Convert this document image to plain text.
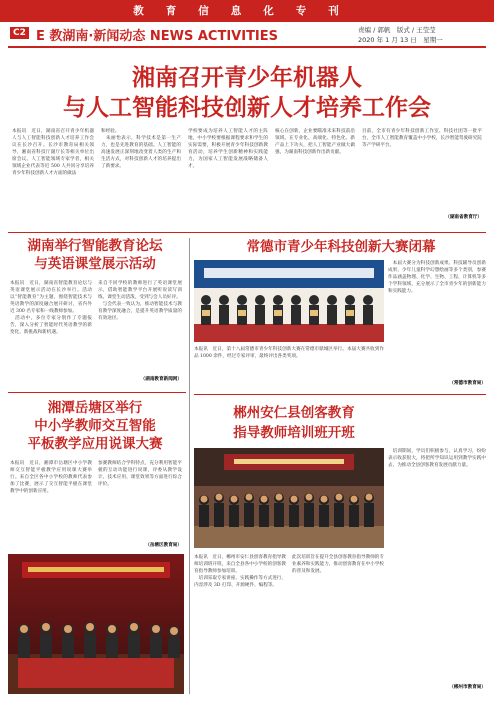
教育信息化专刊
C2 E 教湖南·新闻动态 NEWS ACTIVITIES	责编 / 郭帆　版式 / 王莹莹
2020 年 1 月 13 日　星期一
湘南召开青少年机器人
与人工智能科技创新人才培养工作会
本报讯　近日，湖南省召开青少年机器人与人工智能科技创新人才培养工作会议在长沙召开。长沙市教育局相关领导，湘南省科技厅副厅长等相关单位出席会议。人工智能领域专家学者，相关领域企业代表等近 500 人共同分享培养青少年科技创新人才方面的做法
和经验。
　朱丽怡表示，科学技术是第一生产力，也是先进教育的基础。人工智能的高速发展正深刻地改变着人类的生产和生活方式，对科技创新人才的培养提出了新要求。
学校要成为培养人工智能人才的主阵地，中小学校要根据课程要求和学生的实际需要，积极开展青少年科技创新教育活动，培养学生创新精神和实践能力，为国家人工智能发展战略储备人才。
核心在创新，企业要瞄准未来科技前沿领域，在专业化、高端化、特色化、新产品上下功夫，把人工智能产业做大做强，为湖南科技创新作出新贡献。
目前，全市有青少年科技创新工作室、科技社团等一批平台，全市人工智能教育覆盖中小学校，长沙智能驾驶研究院等产学研平台。
（湖南省教育厅）
湖南举行智能教育论坛
与英语课堂展示活动
本报讯　近日，湖南省智能教育论坛与英语课堂展示活动在长沙举行。活动以“智能教育”为主题，围绕智能技术与英语教学的深度融合展开研讨，省内外近 300 名专家和一线教师参加。
　活动中，多位专家分别作了专题报告，深入分析了智能时代英语教学的新变化、新挑战和新机遇。
来自不同学校的教师进行了英语课堂展示，借助智能教学平台开展听说读写训练，课堂生动活泼，受到与会人员好评。
　与会代表一致认为，推动智能技术与教育教学深度融合，是提升英语教学质量的有效途径。
（湖南教育新闻网）
湘潭岳塘区举行
中小学教师交互智能
平板教学应用说课大赛
本报讯　近日，湘潭市岳塘区中小学教师交互智能平板教学应用说课大赛举行。来自全区各中小学校的教师代表参加了比赛，展示了交互智能平板在课堂教学中的创新应用。
参赛教师结合学科特点，充分利用智能平板的互动功能进行说课，评委从教学设计、技术应用、课堂效果等方面进行综合评价。
（岳塘区教育局）
常德市青少年科技创新大赛闭幕
本报讯　近日，第十八届常德市青少年科技创新大赛在常德市鼎城区举行。本届大赛共收到作品 1000 余件，经过专家评审，最终评出各类奖项。
　本届大赛分为科技创新成果、科技辅导员创新成果、少年儿童科学幻想绘画等多个类别，参赛作品涵盖物理、化学、生物、工程、计算机等多个学科领域，充分展示了全市青少年的创新能力和实践能力。
（常德市教育局）
郴州安仁县创客教育
指导教师培训班开班
　培训期间，学员们积极参与，认真学习，纷纷表示收获很大，将把所学知识运用到教学实践中去，为推动全县创客教育发展贡献力量。
本报讯　近日，郴州市安仁县创客教育指导教师培训班开班，来自全县各中小学校的创客教育指导教师参加培训。
　培训采取专家讲座、实践操作等方式进行，内容涉及 3D 打印、开源硬件、编程等。
此次培训旨在提升全县创客教育指导教师的专业素养和实践能力，推动创客教育在中小学校的普及和发展。
（郴州市教育局）
